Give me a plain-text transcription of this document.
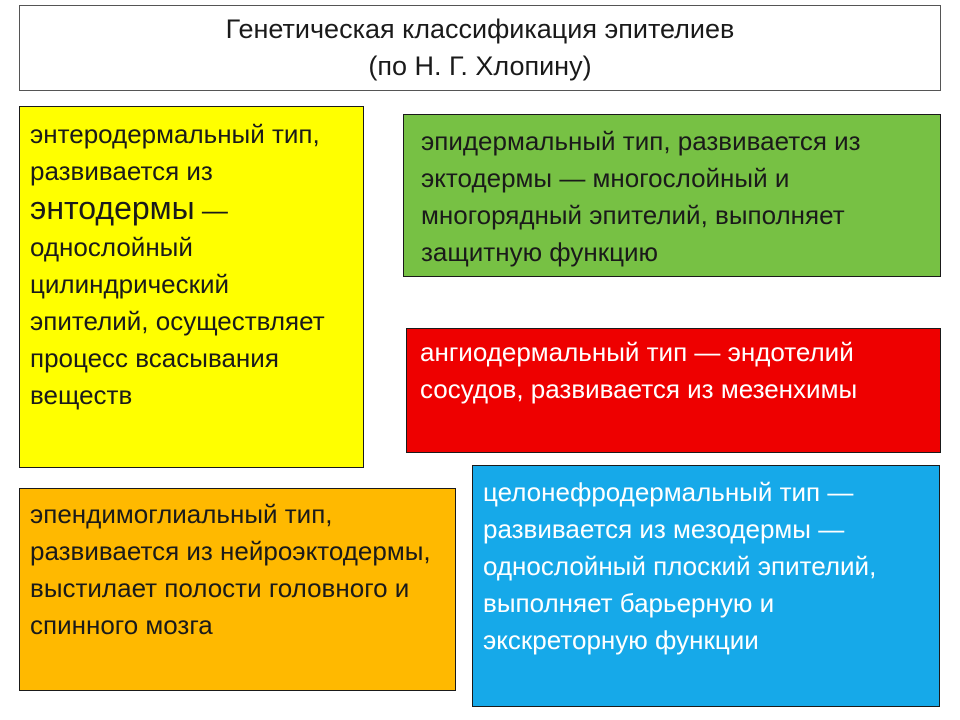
Генетическая классификация эпителиев
(по Н. Г. Хлопину)
энтеродермальный тип, развивается из энтодермы — однослойный цилиндрический эпителий, осуществляет процесс всасывания веществ
эпидермальный тип, развивается из эктодермы — многослойный и многорядный эпителий, выполняет защитную функцию
ангиодермальный тип — эндотелий сосудов, развивается из мезенхимы
эпендимоглиальный тип, развивается из нейроэктодермы, выстилает полости головного и спинного мозга
целонефродермальный тип — развивается из мезодермы — однослойный плоский эпителий, выполняет барьерную и экскреторную функции
